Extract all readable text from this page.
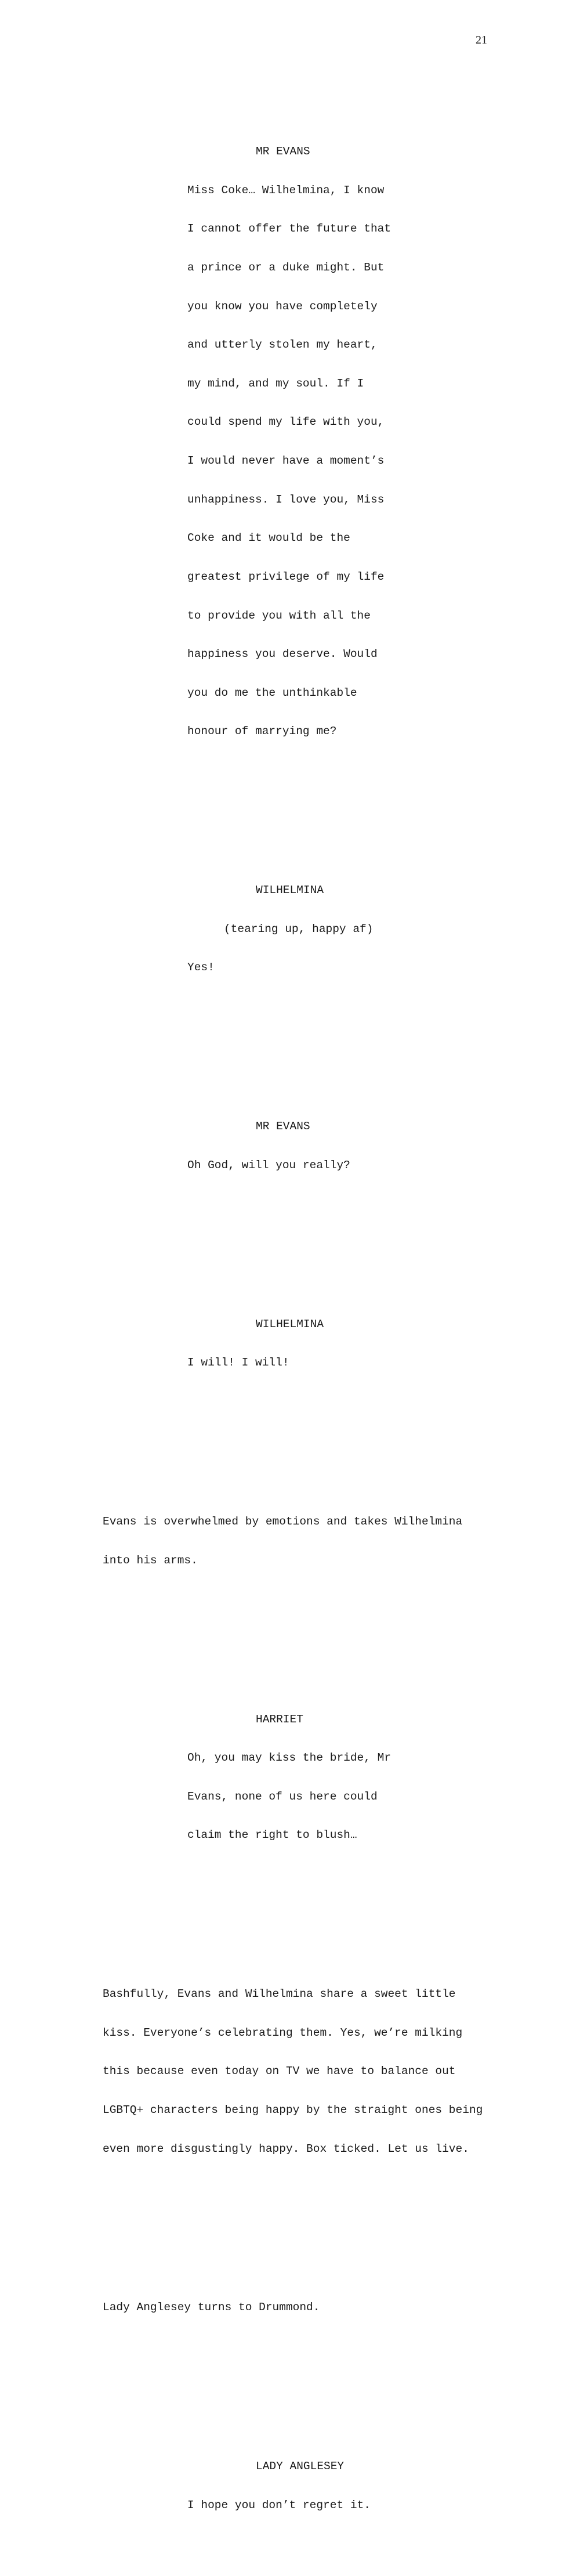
21

MR EVANS

Miss Coke… Wilhelmina, I know

I cannot offer the future that

a prince or a duke might. But

you know you have completely

and utterly stolen my heart,

my mind, and my soul. If I

could spend my life with you,

I would never have a moment’s

unhappiness. I love you, Miss

Coke and it would be the

greatest privilege of my life

to provide you with all the

happiness you deserve. Would

you do me the unthinkable

honour of marrying me?

WILHELMINA

(tearing up, happy af)

Yes!

MR EVANS

Oh God, will you really?

WILHELMINA

I will! I will!

Evans is overwhelmed by emotions and takes Wilhelmina

into his arms.

HARRIET

Oh, you may kiss the bride, Mr

Evans, none of us here could

claim the right to blush…

Bashfully, Evans and Wilhelmina share a sweet little

kiss. Everyone’s celebrating them. Yes, we’re milking

this because even today on TV we have to balance out

LGBTQ+ characters being happy by the straight ones being

even more disgustingly happy. Box ticked. Let us live.

Lady Anglesey turns to Drummond.

LADY ANGLESEY

I hope you don’t regret it.
